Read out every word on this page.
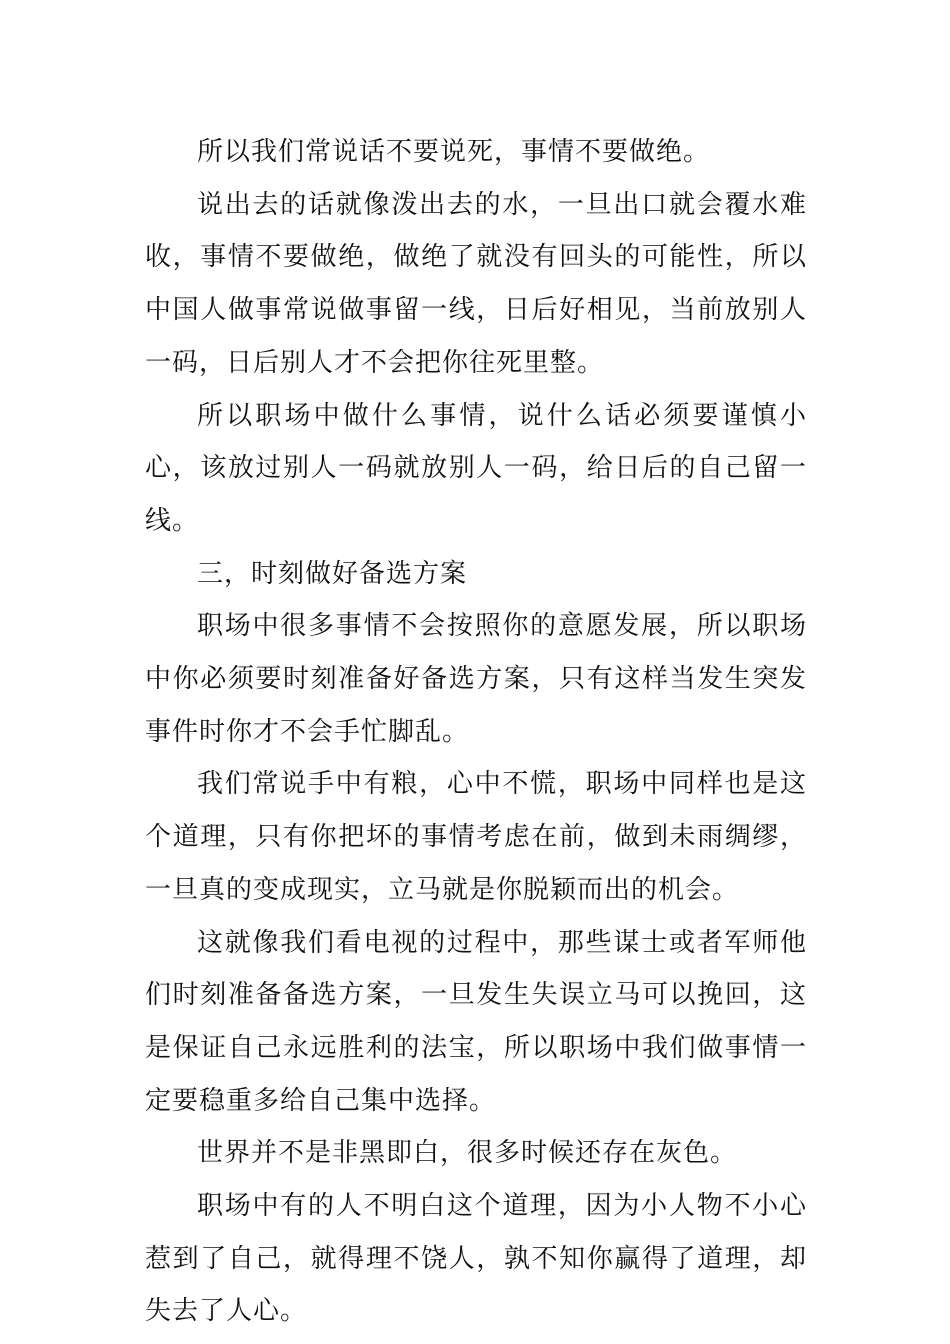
所以我们常说话不要说死，事情不要做绝。

说出去的话就像泼出去的水，一旦出口就会覆水难收，事情不要做绝，做绝了就没有回头的可能性，所以中国人做事常说做事留一线，日后好相见，当前放别人一码，日后别人才不会把你往死里整。

所以职场中做什么事情，说什么话必须要谨慎小心，该放过别人一码就放别人一码，给日后的自己留一线。

三，时刻做好备选方案

职场中很多事情不会按照你的意愿发展，所以职场中你必须要时刻准备好备选方案，只有这样当发生突发事件时你才不会手忙脚乱。

我们常说手中有粮，心中不慌，职场中同样也是这个道理，只有你把坏的事情考虑在前，做到未雨绸缪，一旦真的变成现实，立马就是你脱颖而出的机会。

这就像我们看电视的过程中，那些谋士或者军师他们时刻准备备选方案，一旦发生失误立马可以挽回，这是保证自己永远胜利的法宝，所以职场中我们做事情一定要稳重多给自己集中选择。

世界并不是非黑即白，很多时候还存在灰色。

职场中有的人不明白这个道理，因为小人物不小心惹到了自己，就得理不饶人，孰不知你赢得了道理，却失去了人心。
